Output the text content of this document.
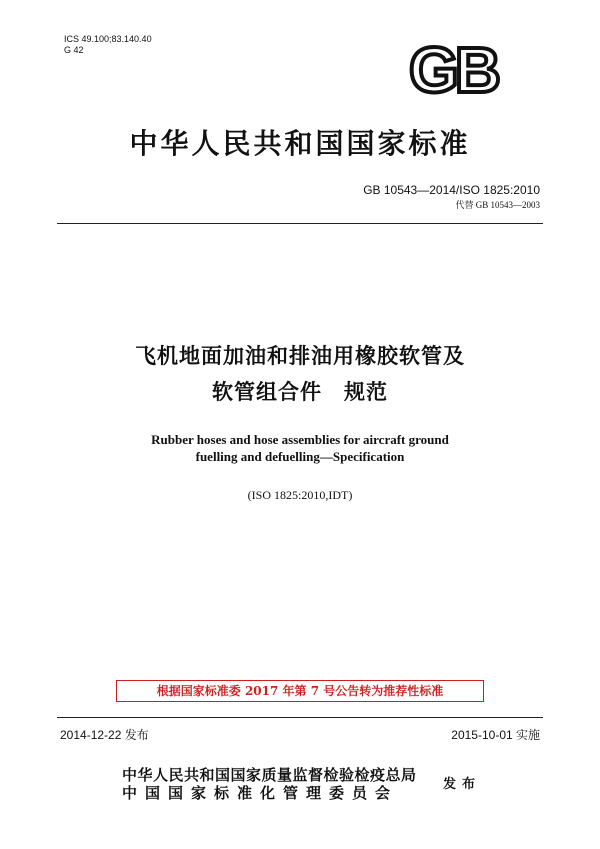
ICS 49.100;83.140.40
G 42	GB
中华人民共和国国家标准
GB 10543—2014/ISO 1825:2010
代替 GB 10543—2003
飞机地面加油和排油用橡胶软管及
软管组合件　规范
Rubber hoses and hose assemblies for aircraft ground
fuelling and defuelling—Specification
(ISO 1825:2010,IDT)
根据国家标准委 2017 年第 7 号公告转为推荐性标准
2014-12-22 发布	2015-10-01 实施
中华人民共和国国家质量监督检验检疫总局
中国国家标准化管理委员会	发布
